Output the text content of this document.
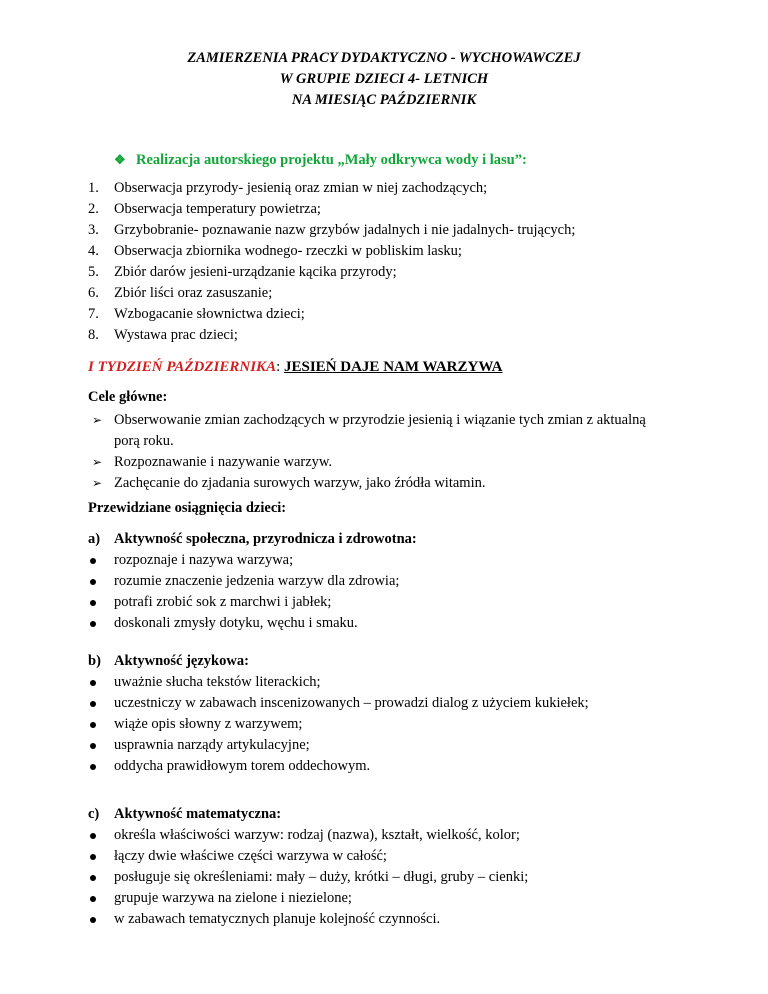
ZAMIERZENIA PRACY DYDAKTYCZNO - WYCHOWAWCZEJ
W GRUPIE DZIECI 4- LETNICH
NA MIESIĄC PAŹDZIERNIK
❖ Realizacja autorskiego projektu „Mały odkrywca wody i lasu”:
1.	Obserwacja przyrody- jesienią oraz zmian w niej zachodzących;
2.	Obserwacja temperatury powietrza;
3.	Grzybobranie- poznawanie nazw grzybów jadalnych i nie jadalnych- trujących;
4.	Obserwacja zbiornika wodnego- rzeczki w pobliskim lasku;
5.	Zbiór darów jesieni-urządzanie kącika przyrody;
6.	Zbiór liści oraz zasuszanie;
7.	Wzbogacanie słownictwa dzieci;
8.	Wystawa prac dzieci;
I TYDZIEŃ PAŹDZIERNIKA: JESIEŃ DAJE NAM WARZYWA
Cele główne:
➢ Obserwowanie zmian zachodzących w przyrodzie jesienią i wiązanie tych zmian z aktualną porą roku.
➢ Rozpoznawanie i nazywanie warzyw.
➢ Zachęcanie do zjadania surowych warzyw, jako źródła witamin.
Przewidziane osiągnięcia dzieci:
a) Aktywność społeczna, przyrodnicza i zdrowotna:
rozpoznaje i nazywa warzywa;
rozumie znaczenie jedzenia warzyw dla zdrowia;
potrafi zrobić sok z marchwi i jabłek;
doskonali zmysły dotyku, węchu i smaku.
b) Aktywność językowa:
uważnie słucha tekstów literackich;
uczestniczy w zabawach inscenizowanych – prowadzi dialog z użyciem kukiełek;
wiąże opis słowny z warzywem;
usprawnia narządy artykulacyjne;
oddycha prawidłowym torem oddechowym.
c) Aktywność matematyczna:
określa właściwości warzyw: rodzaj (nazwa), kształt, wielkość, kolor;
łączy dwie właściwe części warzywa w całość;
posługuje się określeniami: mały – duży, krótki – długi, gruby – cienki;
grupuje warzywa na zielone i niezielone;
w zabawach tematycznych planuje kolejność czynności.
